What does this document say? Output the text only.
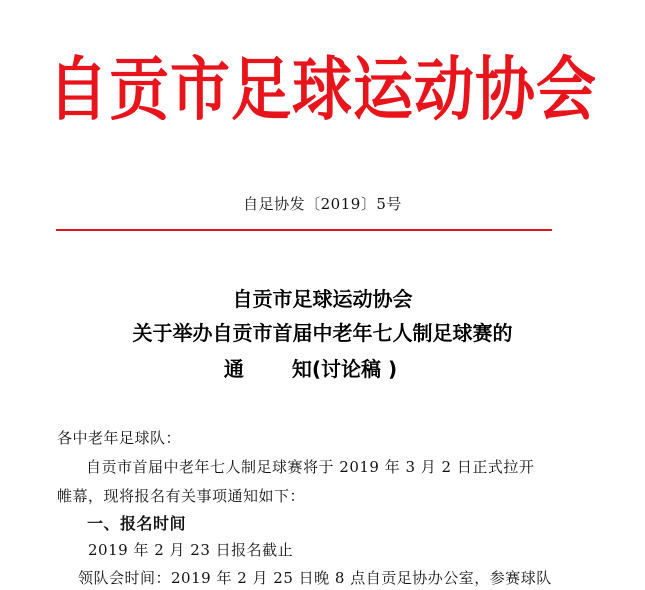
自贡市足球运动协会
自足协发〔2019〕5号
自贡市足球运动协会
关于举办自贡市首届中老年七人制足球赛的
通 知(讨论稿 )
各中老年足球队：
自贡市首届中老年七人制足球赛将于 2019 年 3 月 2 日正式拉开
帷幕，现将报名有关事项通知如下：
一、报名时间
2019 年 2 月 23 日报名截止
领队会时间：2019 年 2 月 25 日晚 8 点自贡足协办公室，参赛球队
